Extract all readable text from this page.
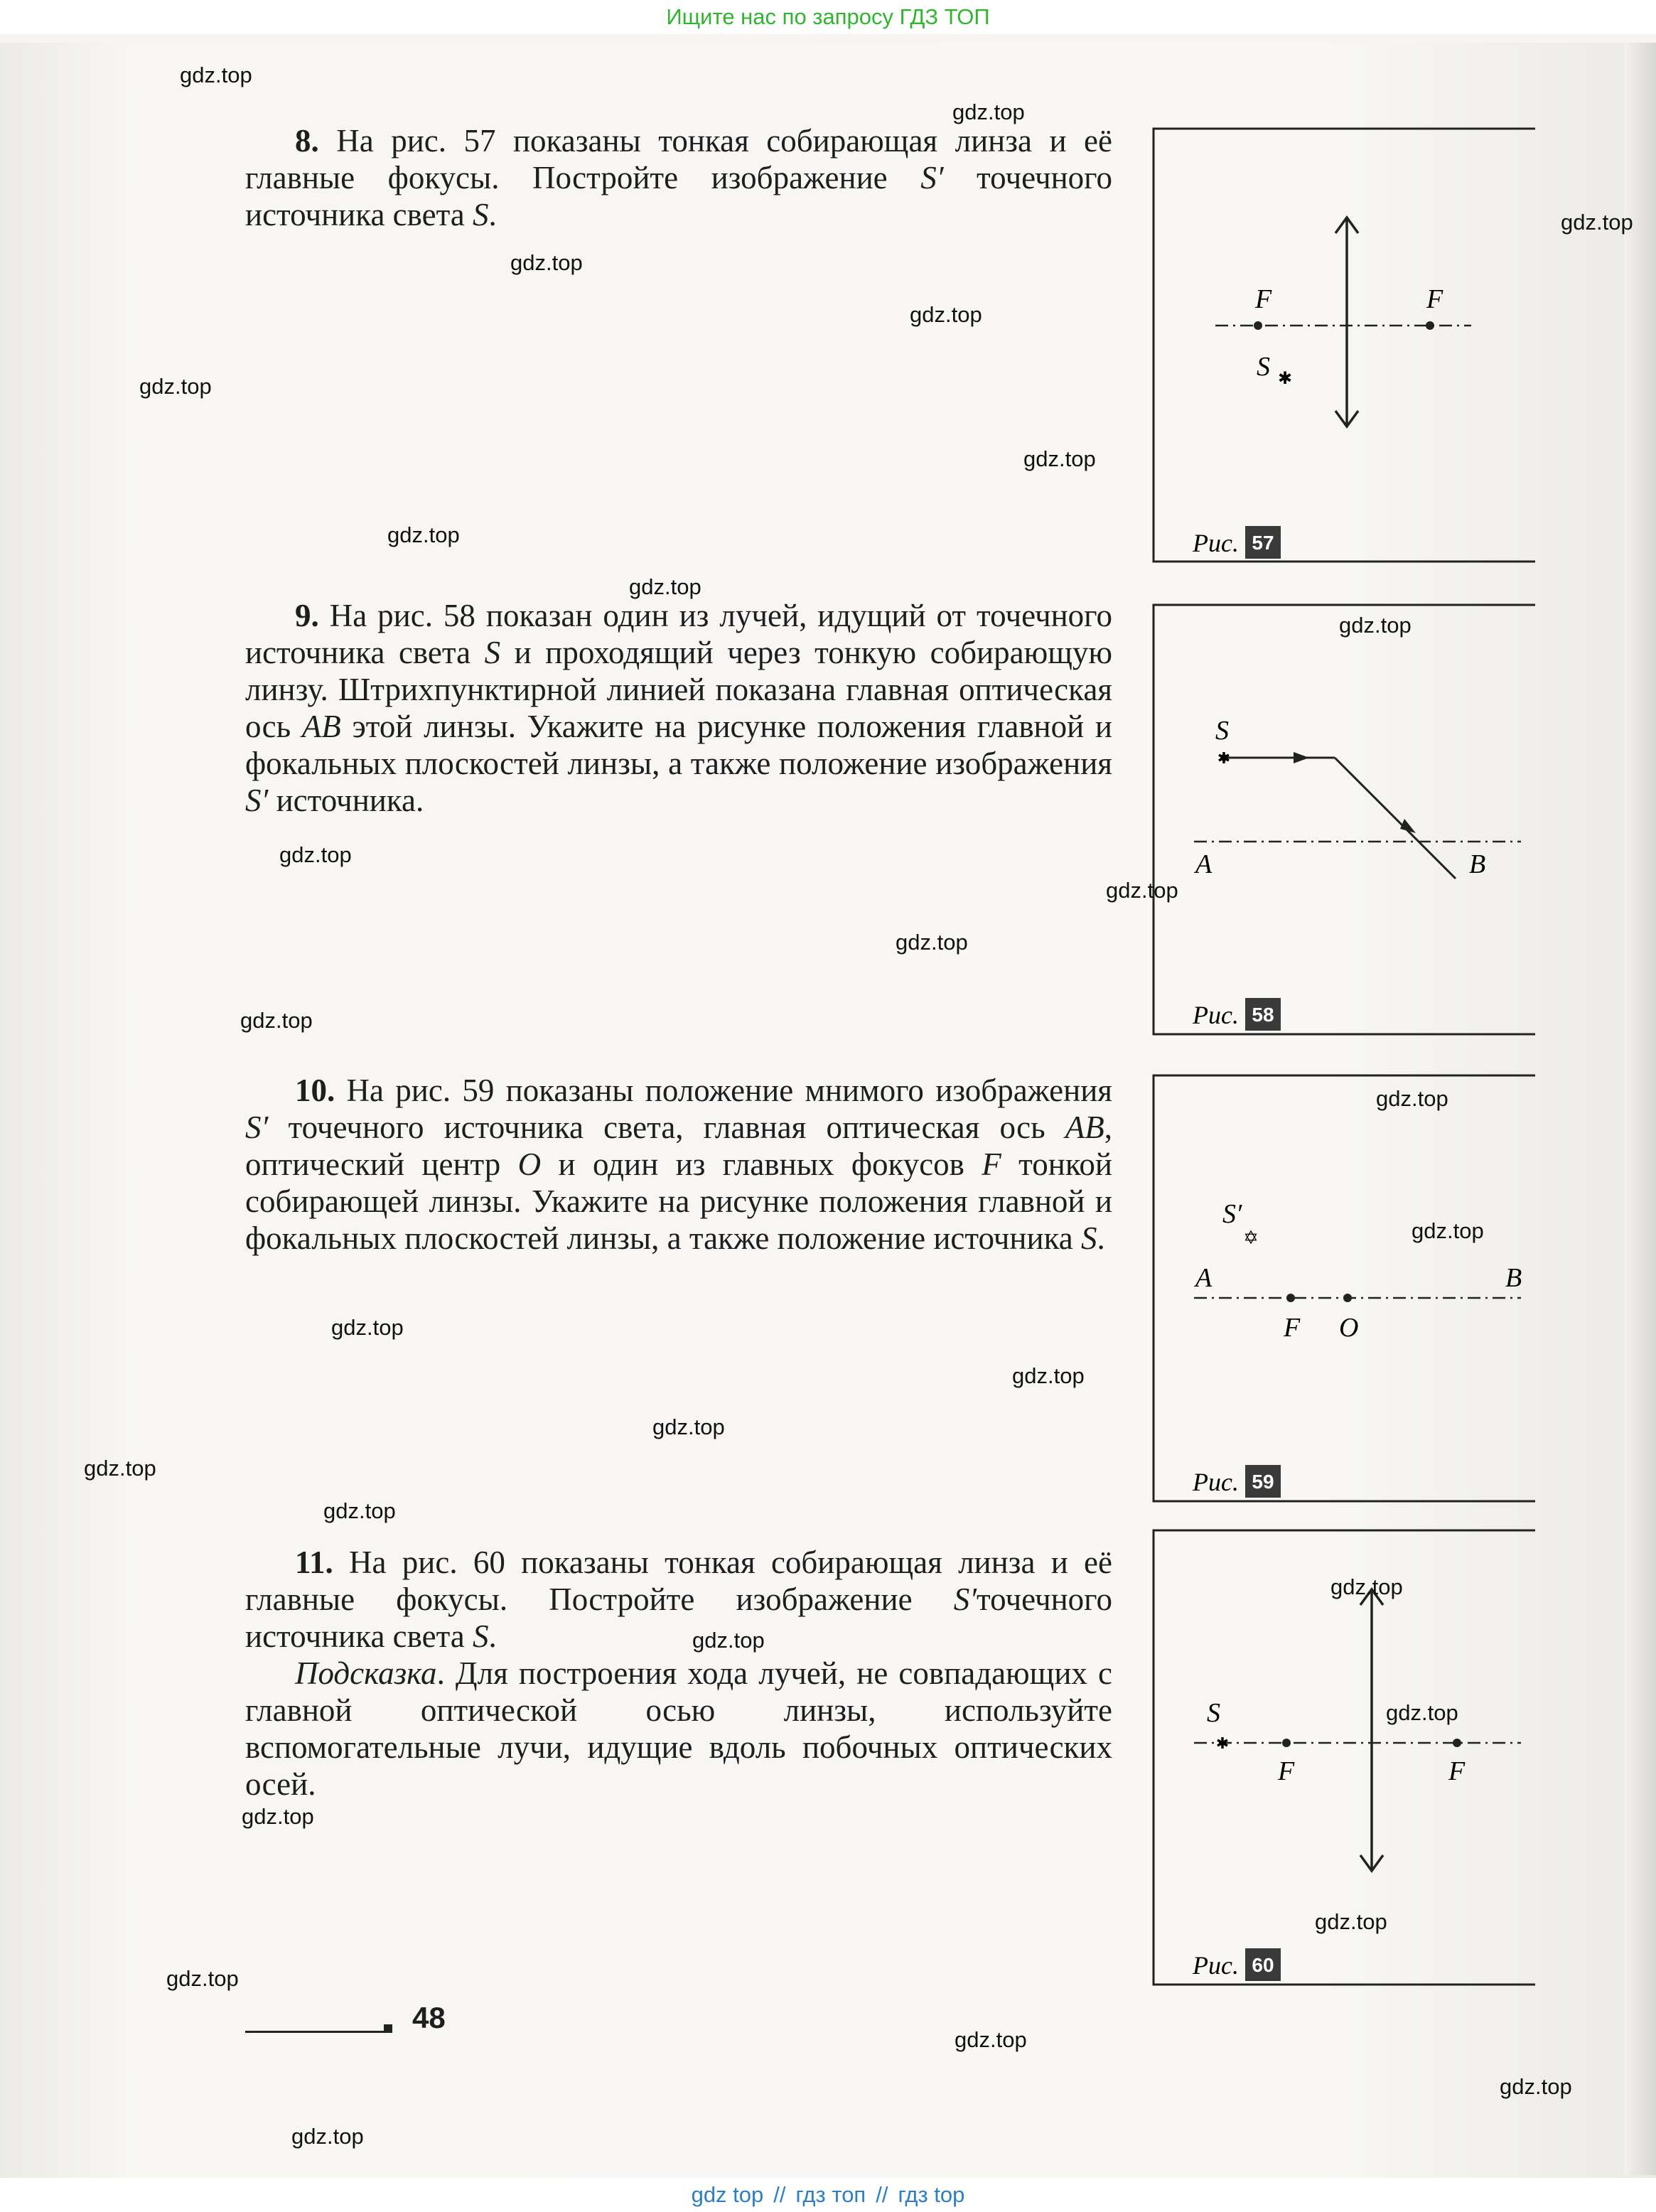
Ищите нас по запросу ГДЗ ТОП

8. На рис. 57 показаны тонкая собирающая линза и её главные фокусы. Постройте изображение S′ точечного источника света S.

9. На рис. 58 показан один из лучей, идущий от точечного источника света S и проходящий через тонкую собирающую линзу. Штрихпунктирной линией показана главная оптическая ось AB этой линзы. Укажите на рисунке положения главной и фокальных плоскостей линзы, а также положение изображения S′ источника.

10. На рис. 59 показаны положение мнимого изображения S′ точечного источника света, главная оптическая ось AB, оптический центр O и один из главных фокусов F тонкой собирающей линзы. Укажите на рисунке положения главной и фокальных плоскостей линзы, а также положение источника S.

11. На рис. 60 показаны тонкая собирающая линза и её главные фокусы. Постройте изображение S′точечного источника света S.

Подсказка. Для построения хода лучей, не совпадающих с главной оптической осью линзы, используйте вспомогательные лучи, идущие вдоль побочных оптических осей.

F	F
S ✱
Рис. 57
✱
S
A	B
Рис. 58
S′
✡
A	B
F O
Рис. 59
✱
S
F	F
Рис. 60
48
gdz.top
gdz.top
gdz.top
gdz.top
gdz.top
gdz.top
gdz.top
gdz.top
gdz.top
gdz.top
gdz.top
gdz.top
gdz.top
gdz.top
gdz.top
gdz.top
gdz.top
gdz.top
gdz.top
gdz.top
gdz.top
gdz.top
gdz.top
gdz.top
gdz.top
gdz.top
gdz.top
gdz.top
gdz.top
gdz.top
gdz top // гдз топ // гдз top
